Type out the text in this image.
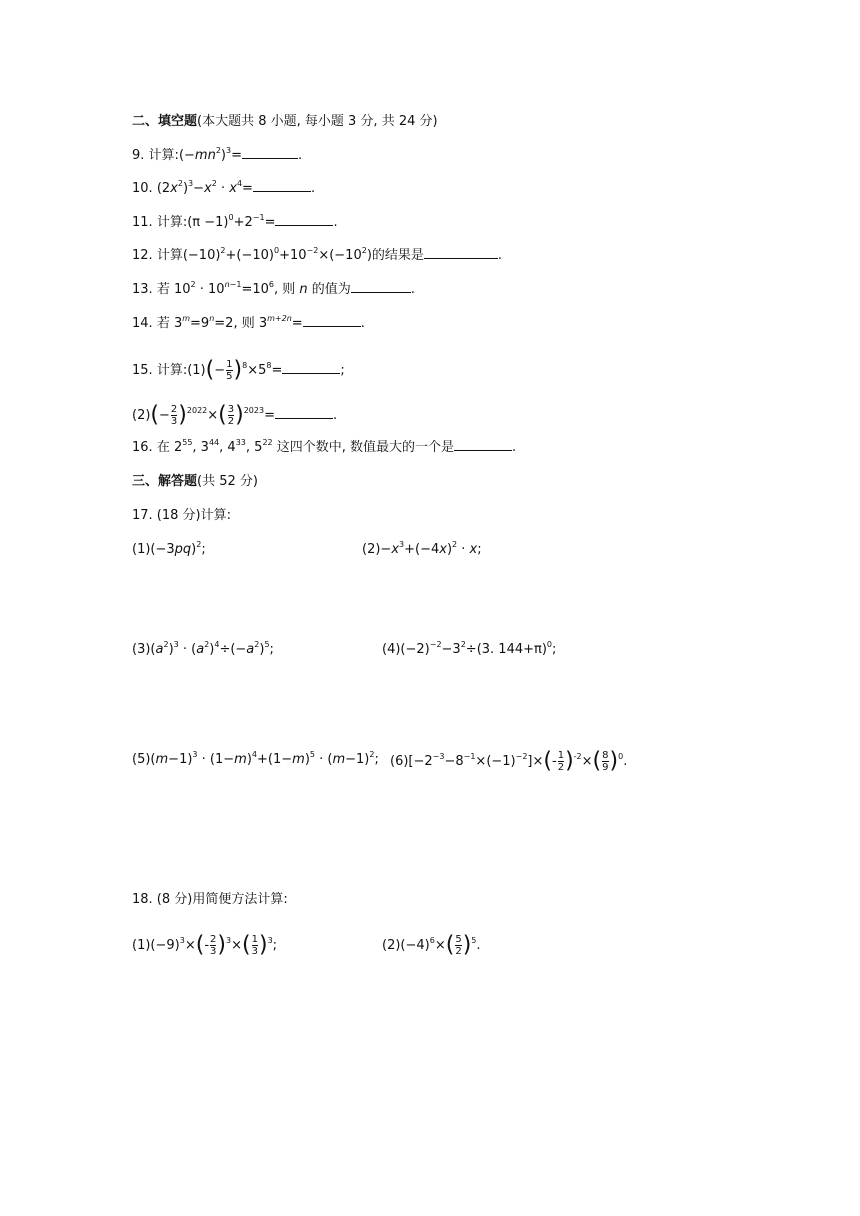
二、填空题(本大题共 8 小题, 每小题 3 分, 共 24 分)
9. 计算$:(-mn^2)^3=$	.
10. $(2x^2)^3-x^2 \cdot x^4=$	.
11. 计算:(π $-1)^0+2^{-1}=$	.
12. 计算$(-10)^2+(-10)^0+10^{-2}\times(-10^2)$的结果是	.
13. 若 $10^2 \cdot 10^{n-1}=10^6$, 则 n 的值为	.
14. 若 $3^m=9^n=2$, 则 $3^{m+2n}=$	.
15. 计算:(1)(− $\frac{1}{5} )^8\times 5^8=$	;
$(2)(- \frac{2}{3} )^{2022}\times( \frac{3}{2} )^{2023}=$	.
16. 在 $2^{55}$, $3^{44}$, $4^{33}$, $5^{22}$ 这四个数中, 数值最大的一个是	.
三、解答题(共 52 分)
17. (18 分)计算:
$(1)(-3pq)^2$;	$(2)-x^3+(-4x)^2 \cdot x$;
$(3)(a^2)^3 \cdot (a^2)^4\div(-a^2)^5$;	$(4)(-2)^{-2}-3^2\div(3$. 144+π)$^0$;
$(5)(m-1)^3 \cdot (1-m)^4+(1-m)^5 \cdot (m-1)^2$; $(6)[-2^{-3}-8^{-1}\times(-1)^{-2}]\times(- \frac{1}{2} )^{-2}\times( \frac{8}{9} )^0$.
18. (8 分)用简便方法计算:
$(1)(-9)^3\times(- \frac{2}{3} )^3\times( \frac{1}{3} )^3$;	$(2)(-4)^6\times( \frac{5}{2} )^5$.
